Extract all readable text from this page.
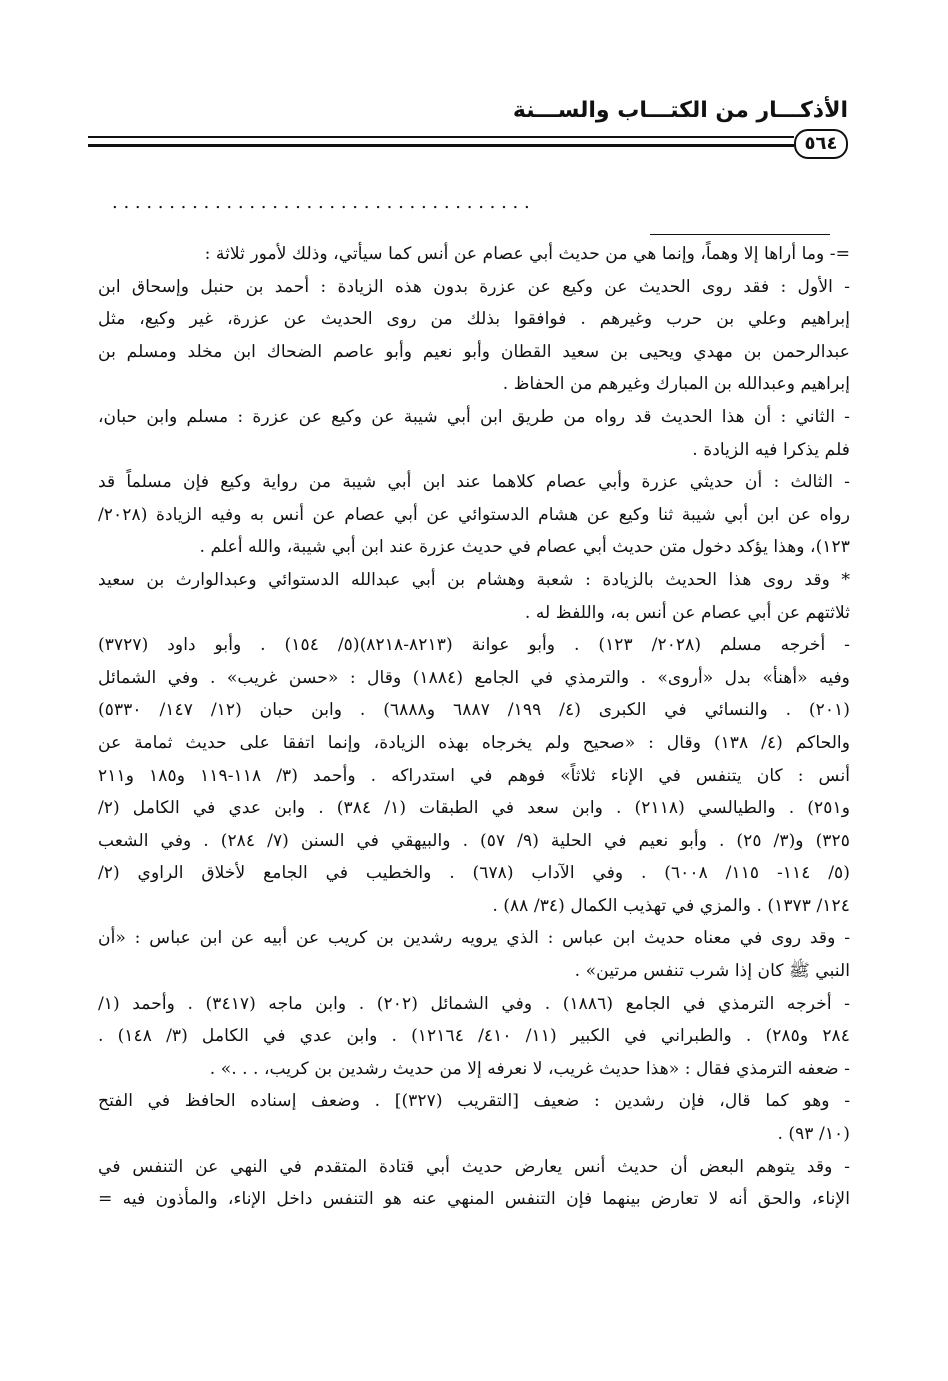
الأذكـــار من الكتـــاب والســـنة
٥٦٤
. . . . . . . . . . . . . . . . . . . . . . . . . . . . . . . . . . . . .
=- وما أراها إلا وهماً، وإنما هي من حديث أبي عصام عن أنس كما سيأتي، وذلك لأمور ثلاثة :
- الأول : فقد روى الحديث عن وكيع عن عزرة بدون هذه الزيادة : أحمد بن حنبل وإسحاق ابن
إبراهيم وعلي بن حرب وغيرهم . فوافقوا بذلك من روى الحديث عن عزرة، غير وكيع، مثل
عبدالرحمن بن مهدي ويحيى بن سعيد القطان وأبو نعيم وأبو عاصم الضحاك ابن مخلد ومسلم بن
إبراهيم وعبدالله بن المبارك وغيرهم من الحفاظ .
- الثاني : أن هذا الحديث قد رواه من طريق ابن أبي شيبة عن وكيع عن عزرة : مسلم وابن حبان،
فلم يذكرا فيه الزيادة .
- الثالث : أن حديثي عزرة وأبي عصام كلاهما عند ابن أبي شيبة من رواية وكيع فإن مسلماً قد
رواه عن ابن أبي شيبة ثنا وكيع عن هشام الدستوائي عن أبي عصام عن أنس به وفيه الزيادة (٢٠٢٨/
١٢٣)، وهذا يؤكد دخول متن حديث أبي عصام في حديث عزرة عند ابن أبي شيبة، والله أعلم .
* وقد روى هذا الحديث بالزيادة : شعبة وهشام بن أبي عبدالله الدستوائي وعبدالوارث بن سعيد
ثلاثتهم عن أبي عصام عن أنس به، واللفظ له .
- أخرجه مسلم (٢٠٢٨/ ١٢٣) . وأبو عوانة (٨٢١٣-٨٢١٨)(٥/ ١٥٤) . وأبو داود (٣٧٢٧)
وفيه «أهنأ» بدل «أروى» . والترمذي في الجامع (١٨٨٤) وقال : «حسن غريب» . وفي الشمائل
(٢٠١) . والنسائي في الكبرى (٤/ ١٩٩/ ٦٨٨٧ و٦٨٨٨) . وابن حبان (١٢/ ١٤٧/ ٥٣٣٠)
والحاكم (٤/ ١٣٨) وقال : «صحيح ولم يخرجاه بهذه الزيادة، وإنما اتفقا على حديث ثمامة عن
أنس : كان يتنفس في الإناء ثلاثاً» فوهم في استدراكه . وأحمد (٣/ ١١٨-١١٩ و١٨٥ و٢١١
و٢٥١) . والطيالسي (٢١١٨) . وابن سعد في الطبقات (١/ ٣٨٤) . وابن عدي في الكامل (٢/
٣٢٥) و(٣/ ٢٥) . وأبو نعيم في الحلية (٩/ ٥٧) . والبيهقي في السنن (٧/ ٢٨٤) . وفي الشعب
(٥/ ١١٤- ١١٥/ ٦٠٠٨) . وفي الآداب (٦٧٨) . والخطيب في الجامع لأخلاق الراوي (٢/
١٢٤/ ١٣٧٣) . والمزي في تهذيب الكمال (٣٤/ ٨٨) .
- وقد روى في معناه حديث ابن عباس : الذي يرويه رشدين بن كريب عن أبيه عن ابن عباس : «أن
النبي ﷺ كان إذا شرب تنفس مرتين» .
- أخرجه الترمذي في الجامع (١٨٨٦) . وفي الشمائل (٢٠٢) . وابن ماجه (٣٤١٧) . وأحمد (١/
٢٨٤ و٢٨٥) . والطبراني في الكبير (١١/ ٤١٠/ ١٢١٦٤) . وابن عدي في الكامل (٣/ ١٤٨) .
- ضعفه الترمذي فقال : «هذا حديث غريب، لا نعرفه إلا من حديث رشدين بن كريب، . . .» .
- وهو كما قال، فإن رشدين : ضعيف [التقريب (٣٢٧)] . وضعف إسناده الحافظ في الفتح
(١٠/ ٩٣) .
- وقد يتوهم البعض أن حديث أنس يعارض حديث أبي قتادة المتقدم في النهي عن التنفس في
الإناء، والحق أنه لا تعارض بينهما فإن التنفس المنهي عنه هو التنفس داخل الإناء، والمأذون فيه =
